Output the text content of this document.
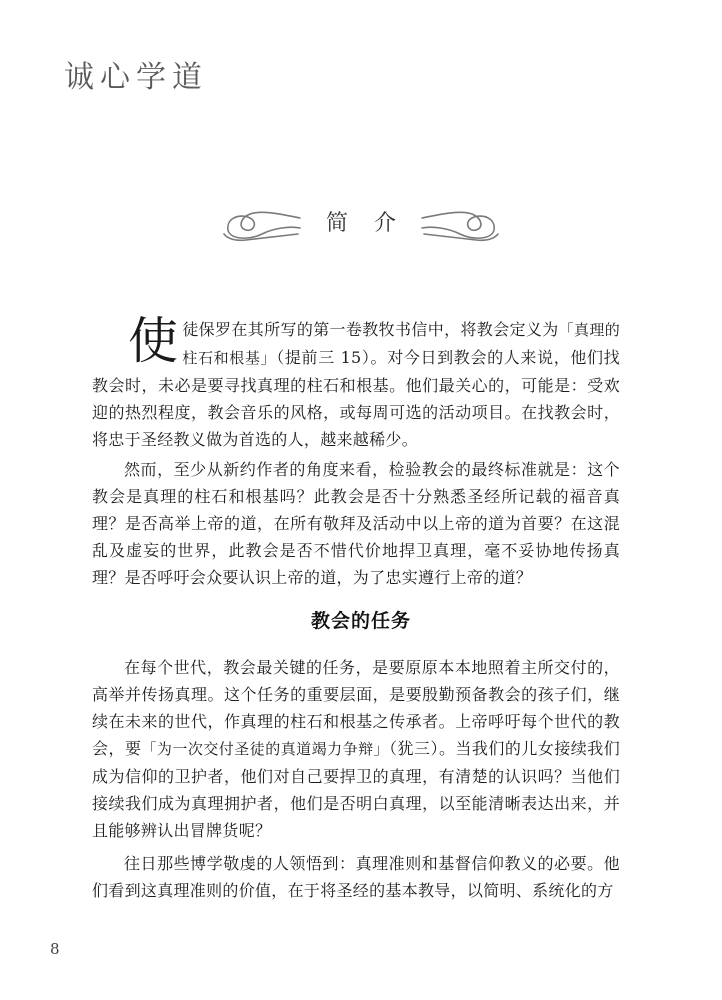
诚心学道
简介

使徒保罗在其所写的第一卷教牧书信中，将教会定义为「真理的柱石和根基」（提前三 15）。对今日到教会的人来说，他们找教会时，未必是要寻找真理的柱石和根基。他们最关心的，可能是：受欢迎的热烈程度，教会音乐的风格，或每周可选的活动项目。在找教会时，将忠于圣经教义做为首选的人，越来越稀少。

然而，至少从新约作者的角度来看，检验教会的最终标准就是：这个教会是真理的柱石和根基吗？此教会是否十分熟悉圣经所记载的福音真理？是否高举上帝的道，在所有敬拜及活动中以上帝的道为首要？在这混乱及虚妄的世界，此教会是否不惜代价地捍卫真理，毫不妥协地传扬真理？是否呼吁会众要认识上帝的道，为了忠实遵行上帝的道？

教会的任务

在每个世代，教会最关键的任务，是要原原本本地照着主所交付的，高举并传扬真理。这个任务的重要层面，是要殷勤预备教会的孩子们，继续在未来的世代，作真理的柱石和根基之传承者。上帝呼吁每个世代的教会，要「为一次交付圣徒的真道竭力争辩」（犹三）。当我们的儿女接续我们成为信仰的卫护者，他们对自己要捍卫的真理，有清楚的认识吗？当他们接续我们成为真理拥护者，他们是否明白真理，以至能清晰表达出来，并且能够辨认出冒牌货呢？

往日那些博学敬虔的人领悟到：真理准则和基督信仰教义的必要。他们看到这真理准则的价值，在于将圣经的基本教导，以简明、系统化的方

8
